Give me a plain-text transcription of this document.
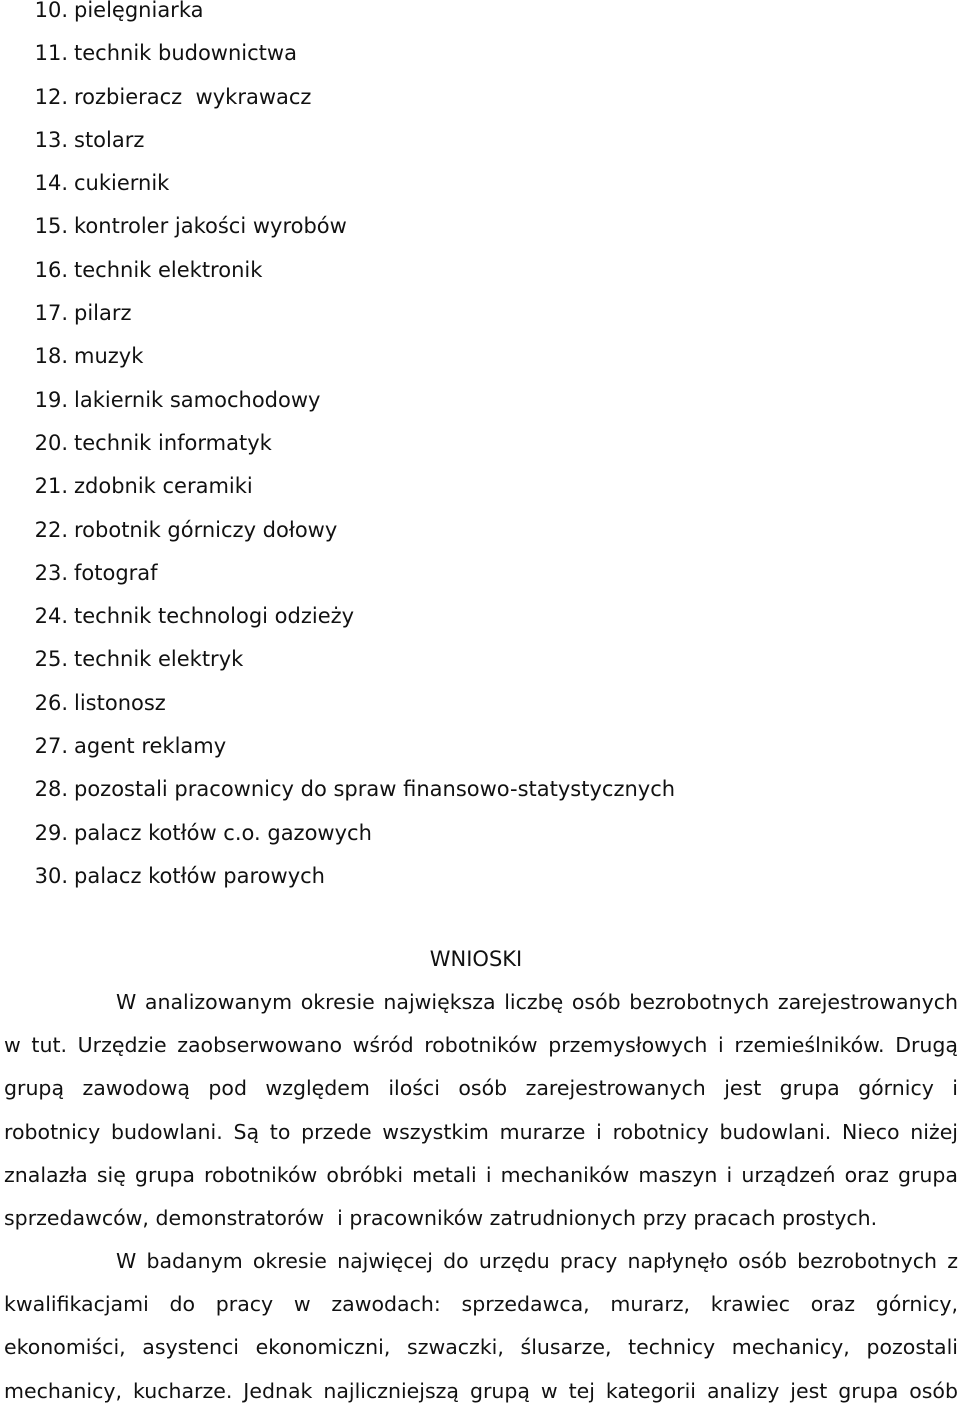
10. pielęgniarka
11. technik budownictwa
12. rozbieracz  wykrawacz
13. stolarz
14. cukiernik
15. kontroler jakości wyrobów
16. technik elektronik
17. pilarz
18. muzyk
19. lakiernik samochodowy
20. technik informatyk
21. zdobnik ceramiki
22. robotnik górniczy dołowy
23. fotograf
24. technik technologi odzieży
25. technik elektryk
26. listonosz
27. agent reklamy
28. pozostali pracownicy do spraw finansowo-statystycznych
29. palacz kotłów c.o. gazowych
30. palacz kotłów parowych
WNIOSKI
W analizowanym okresie największa liczbę osób bezrobotnych zarejestrowanych
w tut. Urzędzie zaobserwowano wśród robotników przemysłowych i rzemieślników. Drugą
grupą zawodową pod względem ilości osób zarejestrowanych jest grupa górnicy i
robotnicy budowlani. Są to przede wszystkim murarze i robotnicy budowlani. Nieco niżej
znalazła się grupa robotników obróbki metali i mechaników maszyn i urządzeń oraz grupa
sprzedawców, demonstratorów  i pracowników zatrudnionych przy pracach prostych.
W badanym okresie najwięcej do urzędu pracy napłynęło osób bezrobotnych z
kwalifikacjami do pracy w zawodach: sprzedawca, murarz, krawiec oraz górnicy,
ekonomiści, asystenci ekonomiczni, szwaczki, ślusarze, technicy mechanicy, pozostali
mechanicy, kucharze. Jednak najliczniejszą grupą w tej kategorii analizy jest grupa osób
